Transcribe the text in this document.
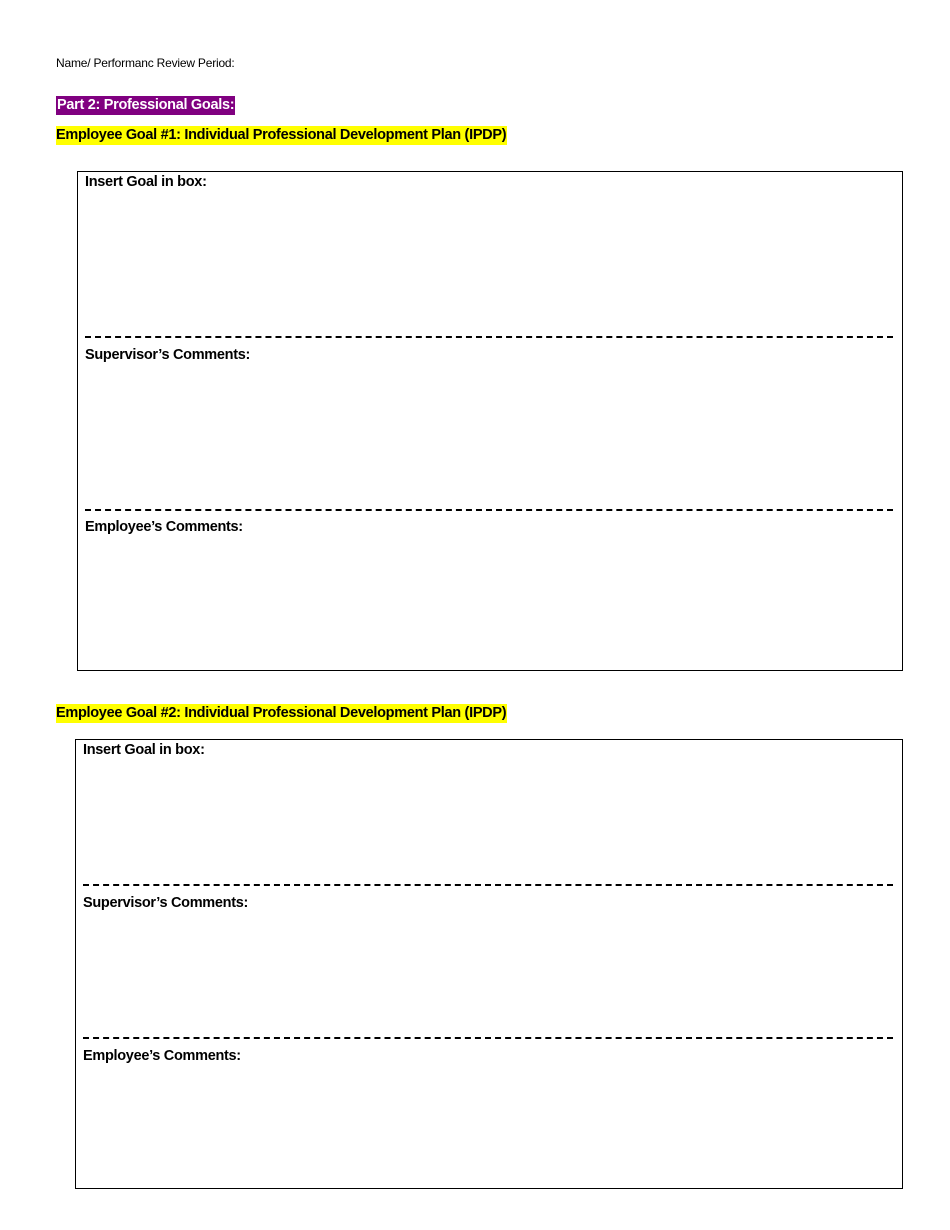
Name/ Performanc Review Period:
Part 2: Professional Goals:
Employee Goal #1: Individual Professional Development Plan (IPDP)
Insert Goal in box:
Supervisor’s Comments:
Employee’s Comments:
Employee Goal #2: Individual Professional Development Plan (IPDP)
Insert Goal in box:
Supervisor’s Comments:
Employee’s Comments:
